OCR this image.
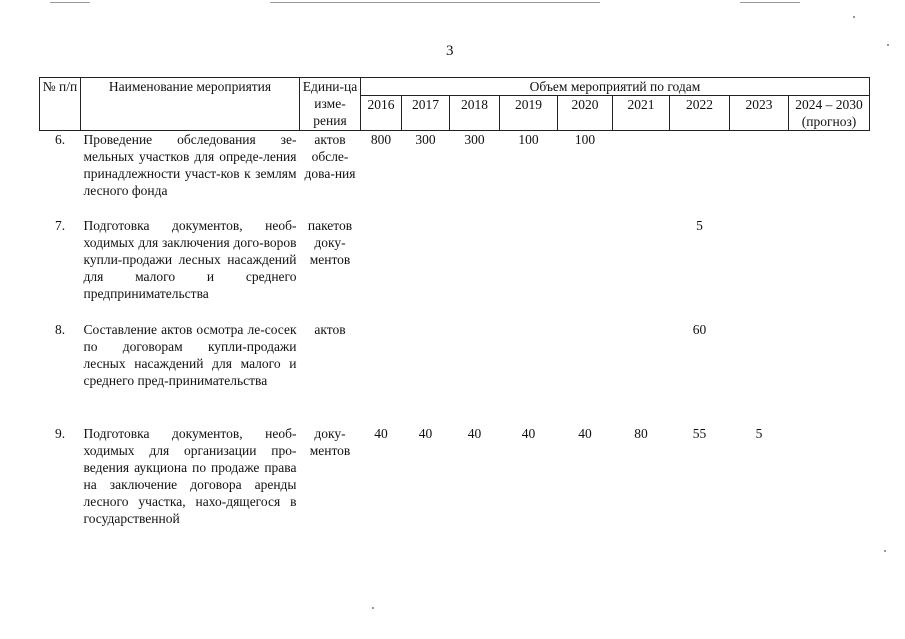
3
№ п/п	Наименование мероприятия	Едини-ца изме-рения	Объем мероприятий по годам								
			2016	2017	2018	2019	2020	2021	2022	2023	2024 – 2030 (прогноз)
6.	Проведение обследования зе-мельных участков для опреде-ления принадлежности участ-ков к землям лесного фонда	актов обсле-дова-ния	800	300	300	100	100				
7.	Подготовка документов, необ-ходимых для заключения дого-воров купли-продажи лесных насаждений для малого и среднего предпринимательства	пакетов доку-ментов							5		
8.	Составление актов осмотра ле-сосек по договорам купли-продажи лесных насаждений для малого и среднего пред-принимательства	актов							60		
9.	Подготовка документов, необ-ходимых для организации про-ведения аукциона по продаже права на заключение договора аренды лесного участка, нахо-дящегося в государственной	доку-ментов	40	40	40	40	40	80	55	5	
